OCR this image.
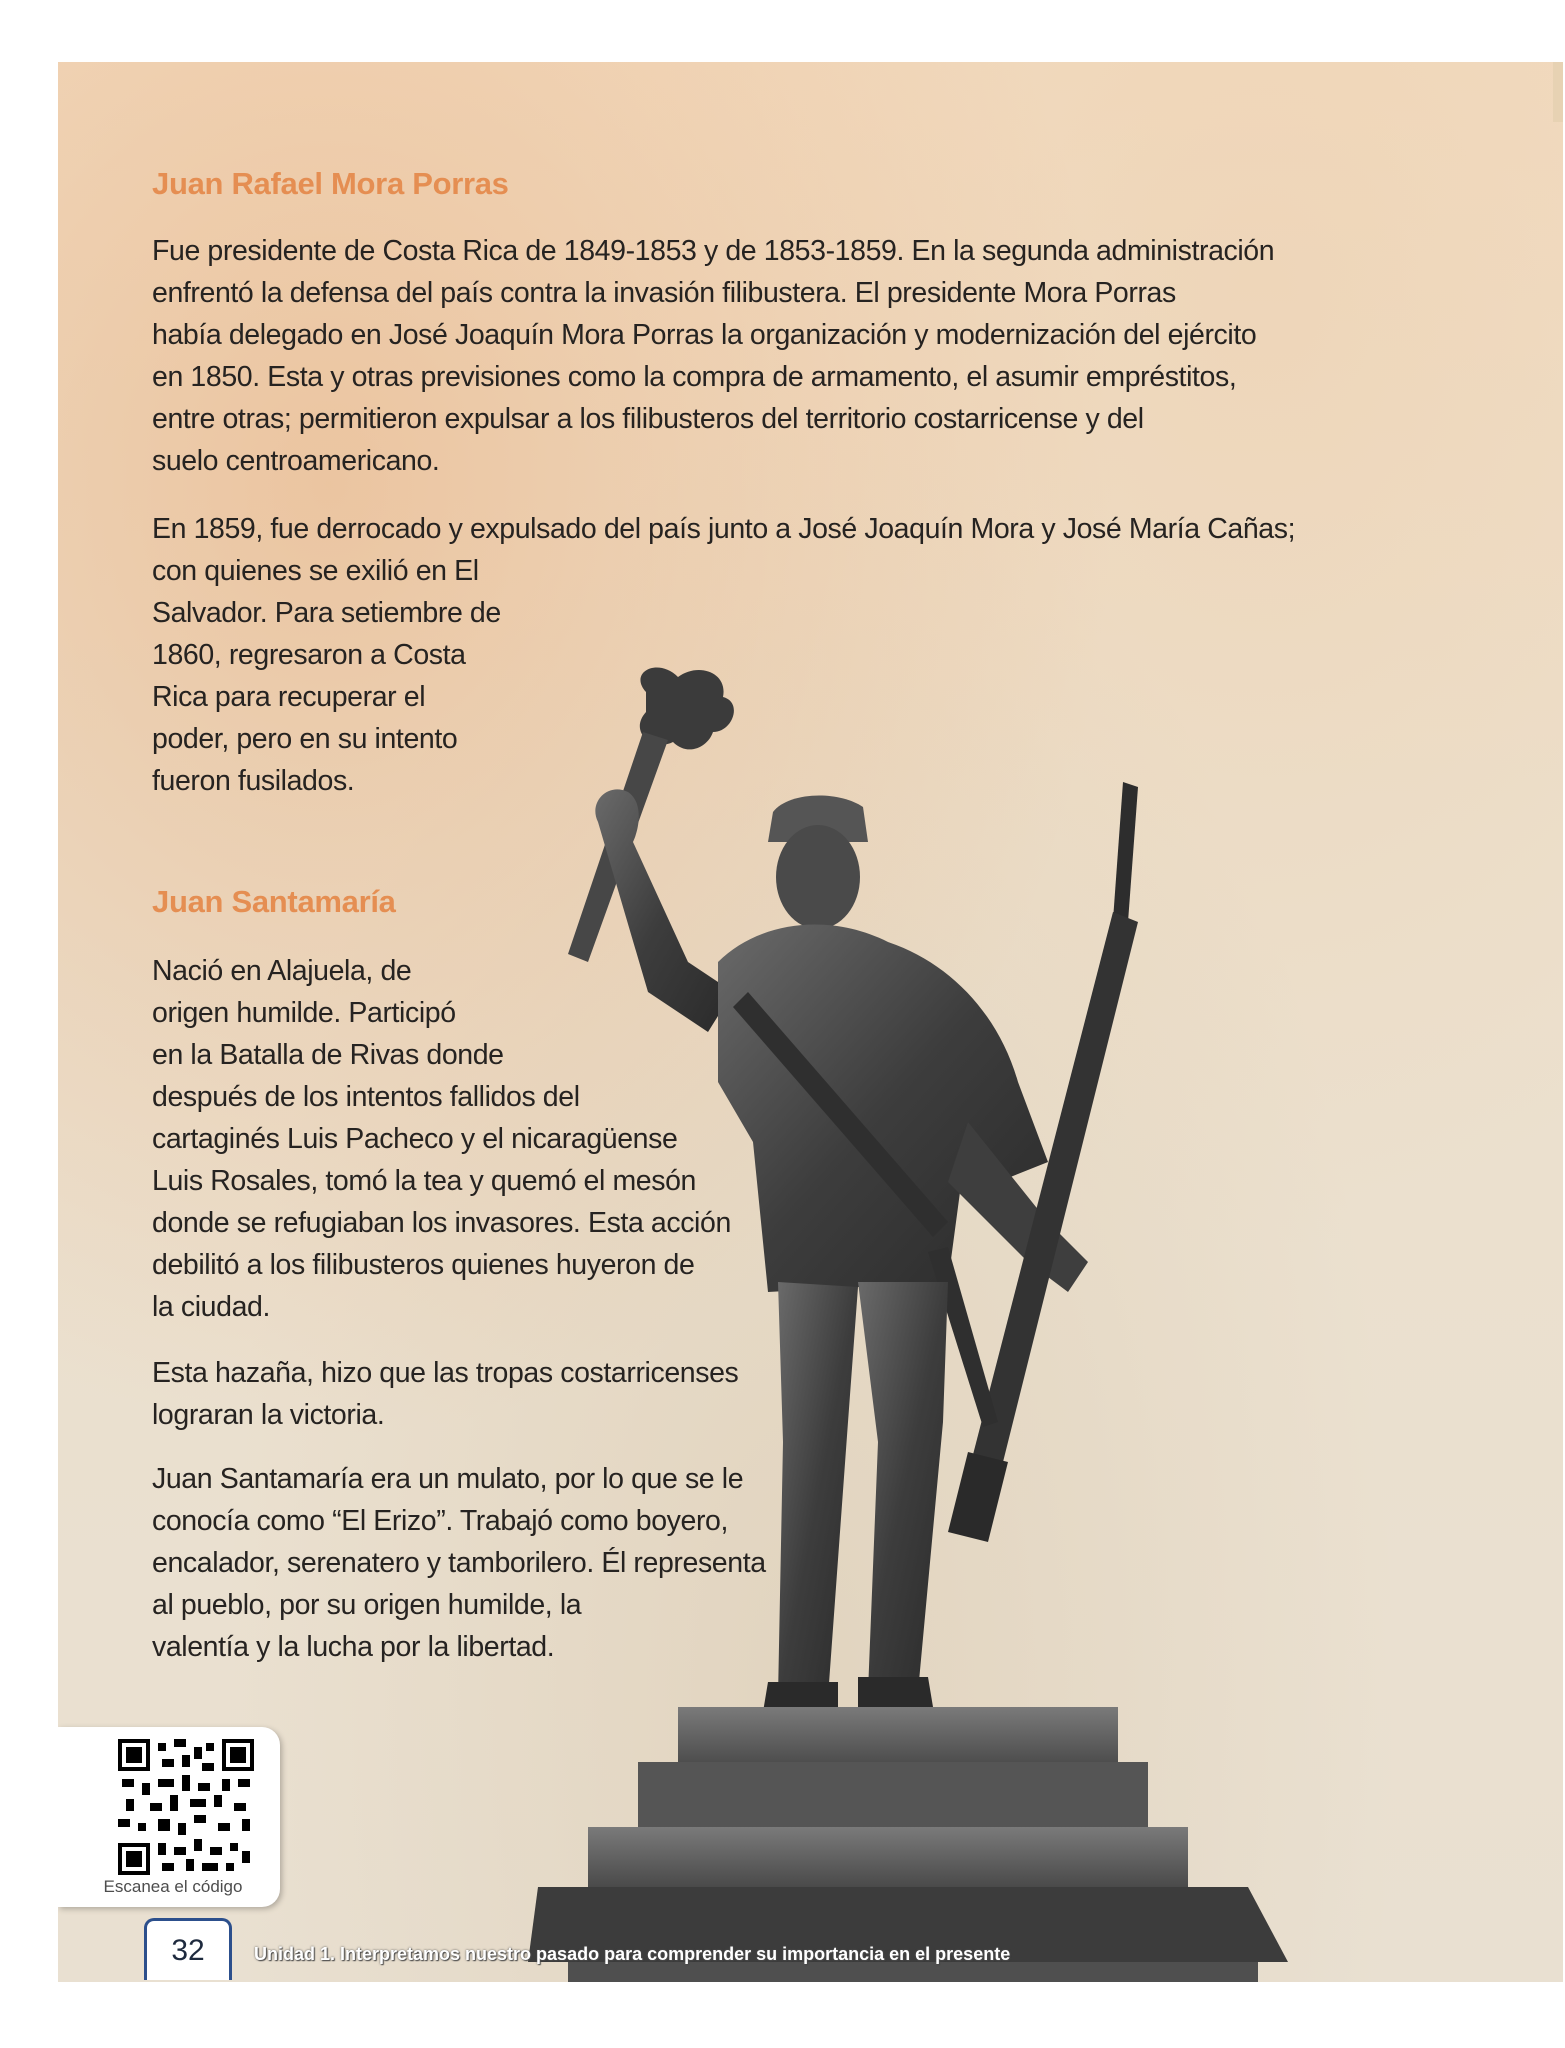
Juan Rafael Mora Porras
Fue presidente de Costa Rica de 1849-1853 y de 1853-1859. En la segunda administración
enfrentó la defensa del país contra la invasión filibustera. El presidente Mora Porras
había delegado en José Joaquín Mora Porras la organización y modernización del ejército
en 1850. Esta y otras previsiones como la compra de armamento, el asumir empréstitos,
entre otras; permitieron expulsar a los filibusteros del territorio costarricense y del
suelo centroamericano.
En 1859, fue derrocado y expulsado del país junto a José Joaquín Mora y José María Cañas;
con quienes se exilió en El
Salvador. Para setiembre de
1860, regresaron a Costa
Rica para recuperar el
poder, pero en su intento
fueron fusilados.
Juan Santamaría
Nació en Alajuela, de
origen humilde. Participó
en la Batalla de Rivas donde
después de los intentos fallidos del
cartaginés Luis Pacheco y el nicaragüense
Luis Rosales, tomó la tea y quemó el mesón
donde se refugiaban los invasores. Esta acción
debilitó a los filibusteros quienes huyeron de
la ciudad.
Esta hazaña, hizo que las tropas costarricenses
lograran la victoria.
Juan Santamaría era un mulato, por lo que se le
conocía como “El Erizo”. Trabajó como boyero,
encalador, serenatero y tamborilero. Él representa
al pueblo, por su origen humilde, la
valentía y la lucha por la libertad.
Escanea el código
32	Unidad 1. Interpretamos nuestro pasado para comprender su importancia en el presente
